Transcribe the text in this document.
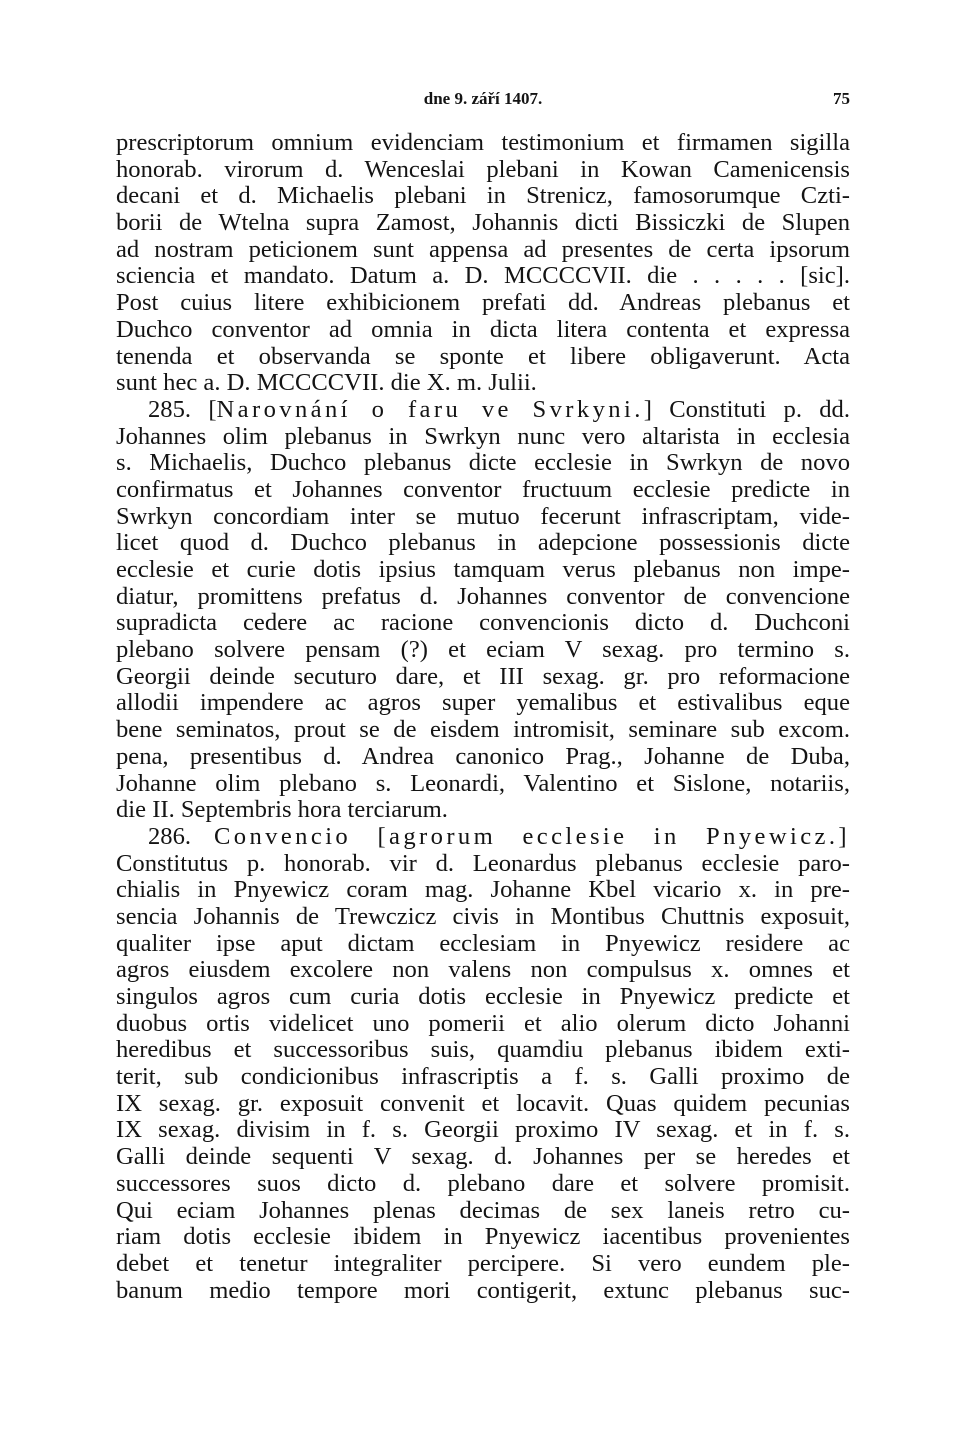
dne 9. září 1407.	75
prescriptorum omnium evidenciam testimonium et firmamen sigilla
honorab. virorum d. Wenceslai plebani in Kowan Camenicensis
decani et d. Michaelis plebani in Strenicz, famosorumque Czti-
borii de Wtelna supra Zamost, Johannis dicti Bissiczki de Slupen
ad nostram peticionem sunt appensa ad presentes de certa ipsorum
sciencia et mandato. Datum a. D. MCCCCVII. die . . . . . [sic].
Post cuius litere exhibicionem prefati dd. Andreas plebanus et
Duchco conventor ad omnia in dicta litera contenta et expressa
tenenda et observanda se sponte et libere obligaverunt. Acta
sunt hec a. D. MCCCCVII. die X. m. Julii.
285. [Narovnání o faru ve Svrkyni.] Constituti p. dd.
Johannes olim plebanus in Swrkyn nunc vero altarista in ecclesia
s. Michaelis, Duchco plebanus dicte ecclesie in Swrkyn de novo
confirmatus et Johannes conventor fructuum ecclesie predicte in
Swrkyn concordiam inter se mutuo fecerunt infrascriptam, vide-
licet quod d. Duchco plebanus in adepcione possessionis dicte
ecclesie et curie dotis ipsius tamquam verus plebanus non impe-
diatur, promittens prefatus d. Johannes conventor de convencione
supradicta cedere ac racione convencionis dicto d. Duchconi
plebano solvere pensam (?) et eciam V sexag. pro termino s.
Georgii deinde secuturo dare, et III sexag. gr. pro reformacione
allodii impendere ac agros super yemalibus et estivalibus eque
bene seminatos, prout se de eisdem intromisit, seminare sub excom.
pena, presentibus d. Andrea canonico Prag., Johanne de Duba,
Johanne olim plebano s. Leonardi, Valentino et Sislone, notariis,
die II. Septembris hora terciarum.
286. Convencio [agrorum ecclesie in Pnyewicz.]
Constitutus p. honorab. vir d. Leonardus plebanus ecclesie paro-
chialis in Pnyewicz coram mag. Johanne Kbel vicario x. in pre-
sencia Johannis de Trewczicz civis in Montibus Chuttnis exposuit,
qualiter ipse aput dictam ecclesiam in Pnyewicz residere ac
agros eiusdem excolere non valens non compulsus x. omnes et
singulos agros cum curia dotis ecclesie in Pnyewicz predicte et
duobus ortis videlicet uno pomerii et alio olerum dicto Johanni
heredibus et successoribus suis, quamdiu plebanus ibidem exti-
terit, sub condicionibus infrascriptis a f. s. Galli proximo de
IX sexag. gr. exposuit convenit et locavit. Quas quidem pecunias
IX sexag. divisim in f. s. Georgii proximo IV sexag. et in f. s.
Galli deinde sequenti V sexag. d. Johannes per se heredes et
successores suos dicto d. plebano dare et solvere promisit.
Qui eciam Johannes plenas decimas de sex laneis retro cu-
riam dotis ecclesie ibidem in Pnyewicz iacentibus provenientes
debet et tenetur integraliter percipere. Si vero eundem ple-
banum medio tempore mori contigerit, extunc plebanus suc-
